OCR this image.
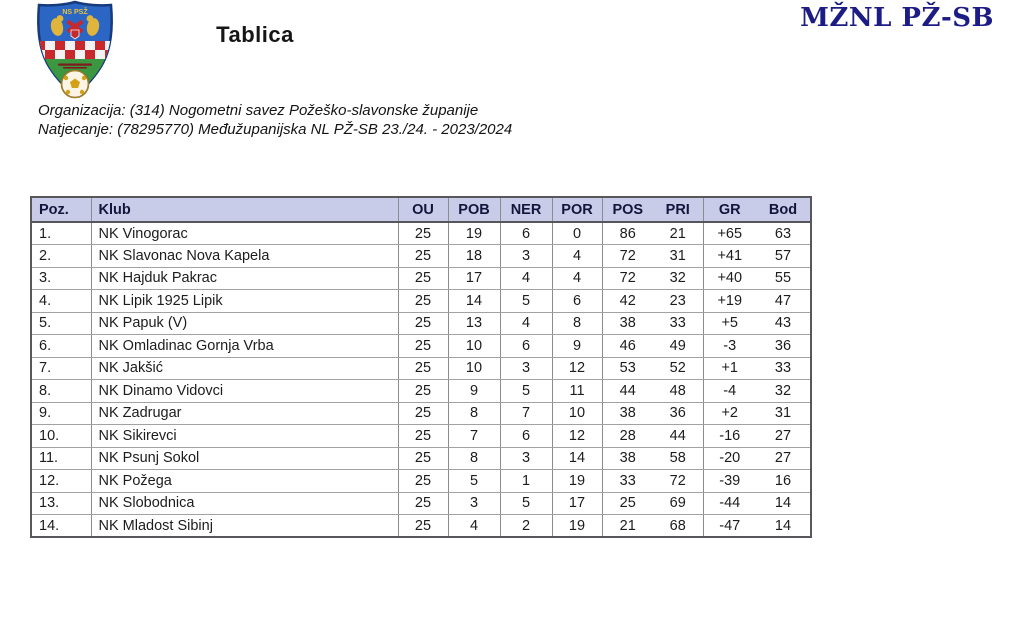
NS PSŽ
Tablica
MŽNL PŽ-SB
Organizacija: (314) Nogometni savez Požeško-slavonske županije
Natjecanje: (78295770) Međužupanijska NL PŽ-SB 23./24. - 2023/2024
Poz.	Klub	OU	POB	NER	POR	POS	PRI	GR	Bod
1.	NK Vinogorac	25	19	6	0	86	21	+65	63
2.	NK Slavonac Nova Kapela	25	18	3	4	72	31	+41	57
3.	NK Hajduk Pakrac	25	17	4	4	72	32	+40	55
4.	NK Lipik 1925 Lipik	25	14	5	6	42	23	+19	47
5.	NK Papuk (V)	25	13	4	8	38	33	+5	43
6.	NK Omladinac Gornja Vrba	25	10	6	9	46	49	-3	36
7.	NK Jakšić	25	10	3	12	53	52	+1	33
8.	NK Dinamo Vidovci	25	9	5	11	44	48	-4	32
9.	NK Zadrugar	25	8	7	10	38	36	+2	31
10.	NK Sikirevci	25	7	6	12	28	44	-16	27
11.	NK Psunj Sokol	25	8	3	14	38	58	-20	27
12.	NK Požega	25	5	1	19	33	72	-39	16
13.	NK Slobodnica	25	3	5	17	25	69	-44	14
14.	NK Mladost Sibinj	25	4	2	19	21	68	-47	14
